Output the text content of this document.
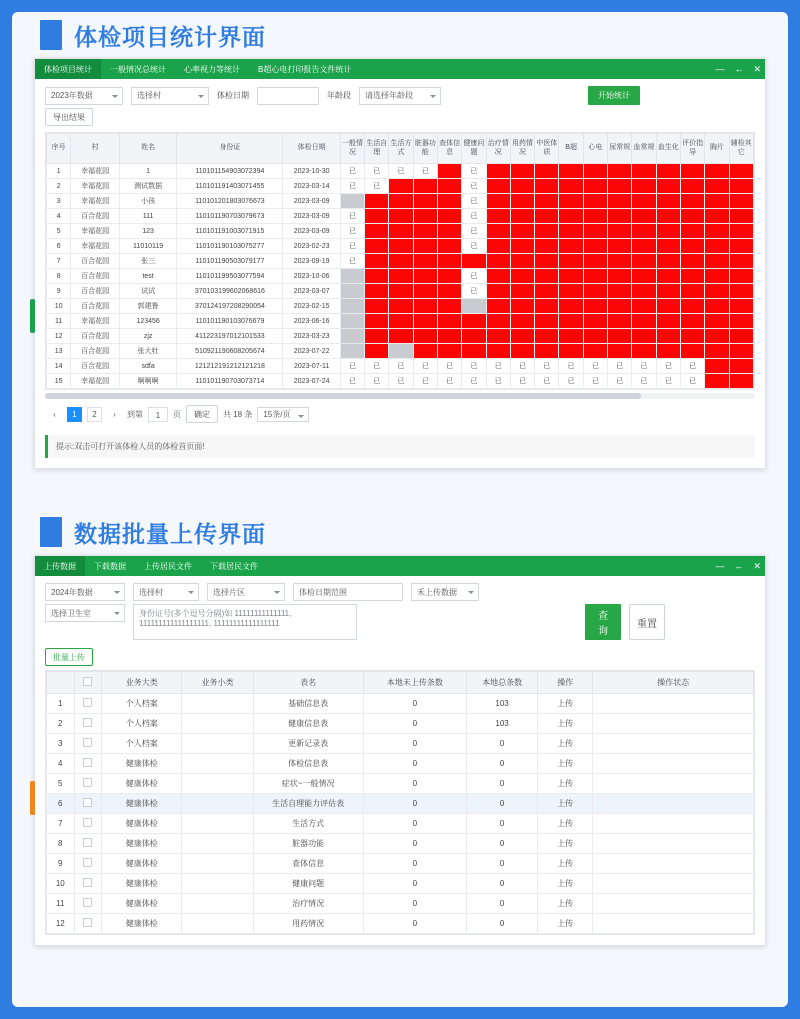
体检项目统计界面
体检项目统计	一般情况总统计	心率视力等统计	B超心电打印报告文件统计	— ← ✕
2023年数据	选择村	体检日期	年龄段	请选择年龄段	开始统计
导出结果
序号	村	姓名	身份证	体检日期	一般情况	生活自理	生活方式	脏器功能	查体信息	健康问题	治疗情况	用药情况	中医体质	B超	心电	尿常规	血常规	血生化	评价指导	胸片	辅检其它
1	幸福花园	1	110101154903072394	2023-10-30	已	已	已	已		已											
2	幸福花园	测试数据	110101191403071455	2023-03-14	已	已				已											
3	幸福花园	小孩	110101201803076673	2023-03-09						已											
4	百合花园	111	110101190703079673	2023-03-09	已					已											
5	幸福花园	123	110101191003071915	2023-03-09	已					已											
6	幸福花园	11010119	110101190103075277	2023-02-23	已					已											
7	百合花园	张三	110101190503079177	2023-09-19	已																
8	百合花园	test	110101199503077594	2023-10-06						已											
9	百合花园	试试	370103199602068616	2023-03-07						已											
10	百合花园	郭建鲁	370124197208290054	2023-02-15																	
11	幸福花园	123456	110101190103076679	2023-06-16																	
12	百合花园	zjz	411223197012101533	2023-03-23																	
13	百合花园	张大牡	510921190608205674	2023-07-22																	
14	百合花园	sdfa	121212191212121218	2023-07-11	已	已	已	已	已	已	已	已	已	已	已	已	已	已	已		
15	幸福花园	啊啊啊	110101190703073714	2023-07-24	已	已	已	已	已	已	已	已	已	已	已	已	已	已	已		
‹	1	2	›	到第	1	页	确定	共 18 条	15条/页
提示:双击可打开该体检人员的体检首页面!
数据批量上传界面
上传数据	下载数据	上传居民文件	下载居民文件	— ← ✕
2024年数据	选择村	选择片区	体检日期范围	禾上传数据
选择卫生室	身份证号(多个逗号分隔)如 11111111111111, 111111111111111111, 11111111111111111
查询
重置
批量上传
		业务大类	业务小类	表名	本地未上传条数	本地总条数	操作	操作状态
1		个人档案		基础信息表	0	103	上传	
2		个人档案		健康信息表	0	103	上传	
3		个人档案		更新记录表	0	0	上传	
4		健康体检		体检信息表	0	0	上传	
5		健康体检		症状~一般情况	0	0	上传	
6		健康体检		生活自理能力评估表	0	0	上传	
7		健康体检		生活方式	0	0	上传	
8		健康体检		脏器功能	0	0	上传	
9		健康体检		查体信息	0	0	上传	
10		健康体检		健康问题	0	0	上传	
11		健康体检		治疗情况	0	0	上传	
12		健康体检		用药情况	0	0	上传	
